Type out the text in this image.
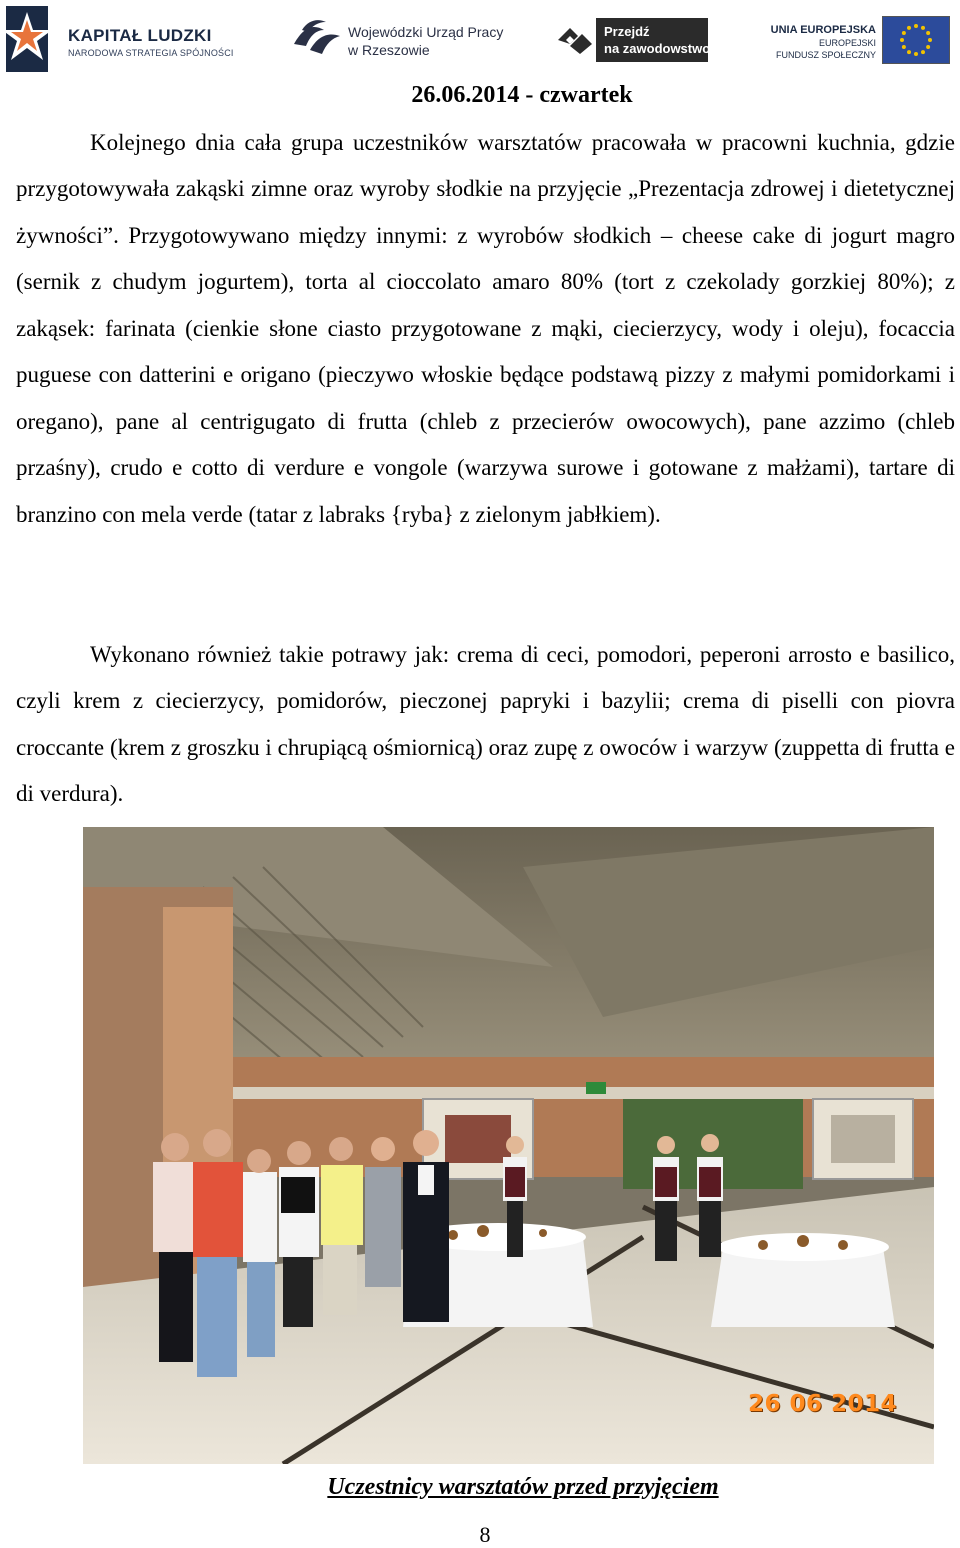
KAPITAŁ LUDZKI
NARODOWA STRATEGIA SPÓJNOŚCI
Wojewódzki Urząd Pracy
w Rzeszowie
Przejdź
na zawodowstwo
UNIA EUROPEJSKA
EUROPEJSKI
FUNDUSZ SPOŁECZNY
26.06.2014 - czwartek

Kolejnego dnia cała grupa uczestników warsztatów pracowała w pracowni kuchnia, gdzie przygotowywała zakąski zimne oraz wyroby słodkie na przyjęcie „Prezentacja zdrowej i dietetycznej żywności”. Przygotowywano między innymi: z wyrobów słodkich – cheese cake di jogurt magro (sernik z chudym jogurtem), torta al cioccolato amaro 80% (tort z czekolady gorzkiej 80%); z zakąsek: farinata (cienkie słone ciasto przygotowane z mąki, ciecierzycy, wody i oleju), focaccia puguese con datterini e origano (pieczywo włoskie będące podstawą pizzy z małymi pomidorkami i oregano), pane al centrigugato di frutta (chleb z przecierów owocowych), pane azzimo (chleb przaśny), crudo e cotto di verdure e vongole (warzywa surowe i gotowane z małżami), tartare di branzino con mela verde (tatar z labraks {ryba} z zielonym jabłkiem).

Wykonano również takie potrawy jak: crema di ceci, pomodori, peperoni arrosto e basilico, czyli krem z ciecierzycy, pomidorów, pieczonej papryki i bazylii; crema di piselli con piovra croccante (krem z groszku i chrupiącą ośmiornicą) oraz zupę z owoców i warzyw (zuppetta di frutta e di verdura).

26 06 2014
Uczestnicy warsztatów przed przyjęciem
8
